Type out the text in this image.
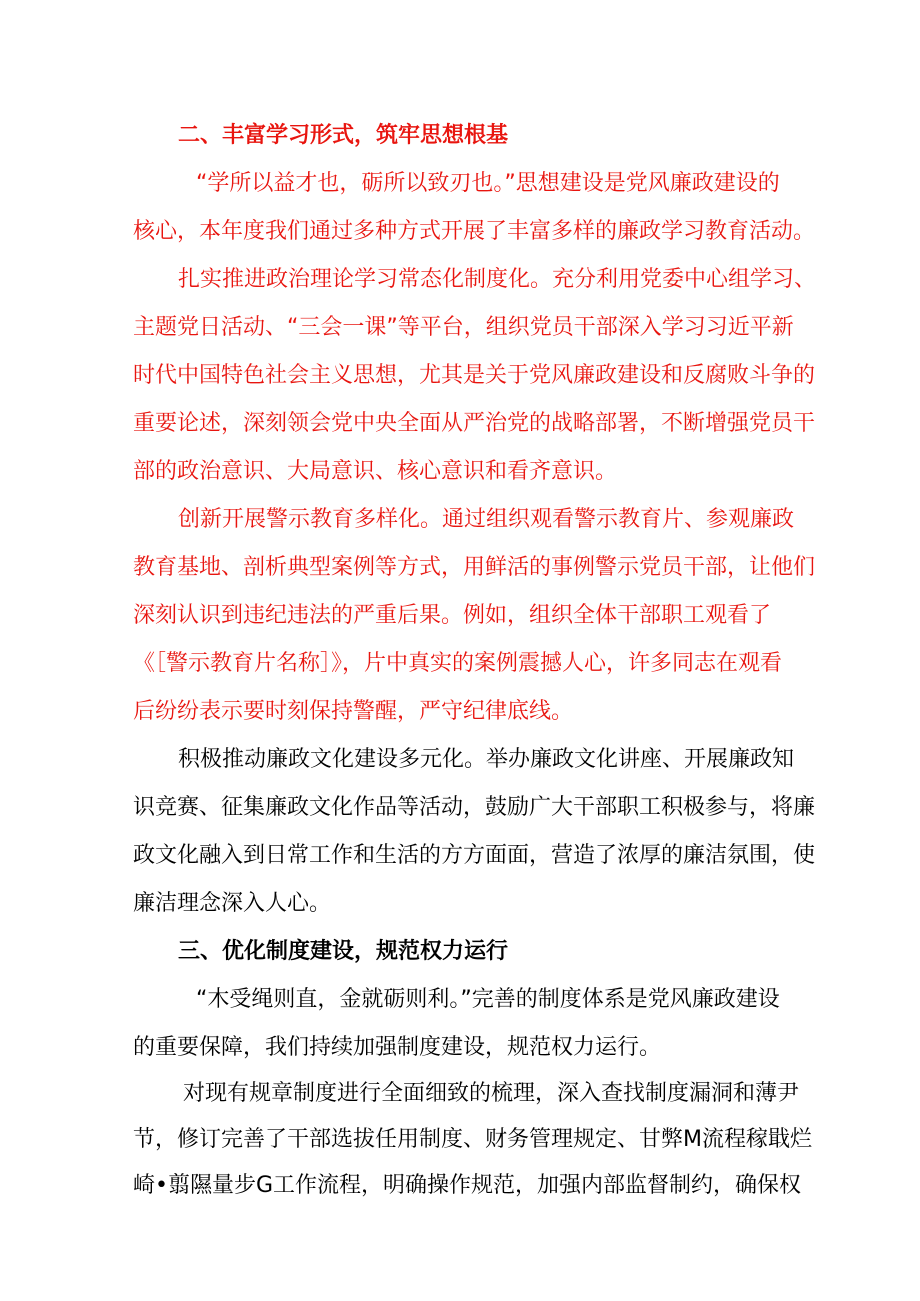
二、丰富学习形式，筑牢思想根基
“学所以益才也，砺所以致刃也。”思想建设是党风廉政建设的
核心，本年度我们通过多种方式开展了丰富多样的廉政学习教育活动。
扎实推进政治理论学习常态化制度化。充分利用党委中心组学习、
主题党日活动、“三会一课”等平台，组织党员干部深入学习习近平新
时代中国特色社会主义思想，尤其是关于党风廉政建设和反腐败斗争的
重要论述，深刻领会党中央全面从严治党的战略部署，不断增强党员干
部的政治意识、大局意识、核心意识和看齐意识。
创新开展警示教育多样化。通过组织观看警示教育片、参观廉政
教育基地、剖析典型案例等方式，用鲜活的事例警示党员干部，让他们
深刻认识到违纪违法的严重后果。例如，组织全体干部职工观看了
《［警示教育片名称］》，片中真实的案例震撼人心，许多同志在观看
后纷纷表示要时刻保持警醒，严守纪律底线。
积极推动廉政文化建设多元化。举办廉政文化讲座、开展廉政知
识竞赛、征集廉政文化作品等活动，鼓励广大干部职工积极参与，将廉
政文化融入到日常工作和生活的方方面面，营造了浓厚的廉洁氛围，使
廉洁理念深入人心。
三、优化制度建设，规范权力运行
“木受绳则直，金就砺则利。”完善的制度体系是党风廉政建设
的重要保障，我们持续加强制度建设，规范权力运行。
对现有规章制度进行全面细致的梳理，深入查找制度漏洞和薄尹
节，修订完善了干部选拔任用制度、财务管理规定、甘弊M流程稼戢烂
崎•翦隰量步G工作流程，明确操作规范，加强内部监督制约，确保权
